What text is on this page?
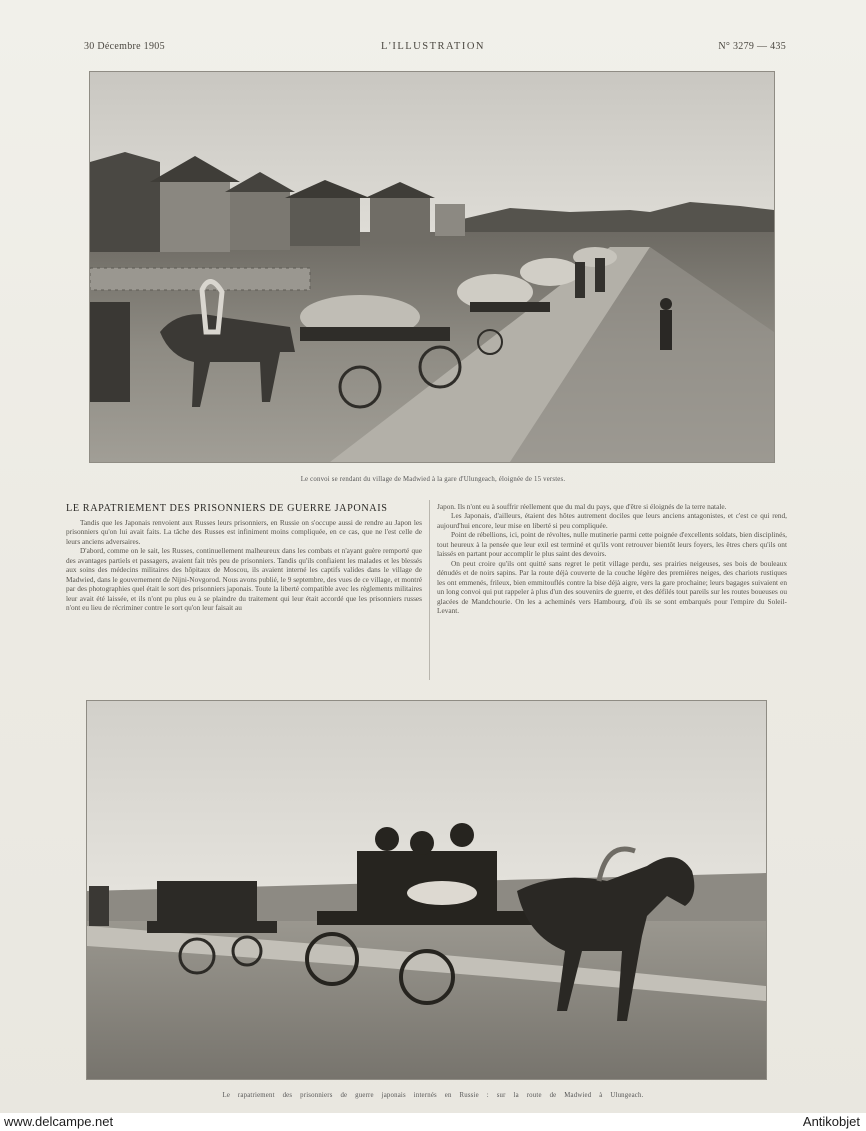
30 Décembre 1905	L'ILLUSTRATION	N° 3279 — 435
Le convoi se rendant du village de Madwied à la gare d'Ulungeach, éloignée de 15 verstes.
LE RAPATRIEMENT DES PRISONNIERS DE GUERRE JAPONAIS

Tandis que les Japonais renvoient aux Russes leurs prisonniers, en Russie on s'occupe aussi de rendre au Japon les prisonniers qu'on lui avait faits. La tâche des Russes est infiniment moins compliquée, en ce cas, que ne l'est celle de leurs anciens adversaires.

D'abord, comme on le sait, les Russes, continuellement malheureux dans les combats et n'ayant guère remporté que des avantages partiels et passagers, avaient fait très peu de prisonniers. Tandis qu'ils confiaient les malades et les blessés aux soins des médecins militaires des hôpitaux de Moscou, ils avaient interné les captifs valides dans le village de Madwied, dans le gouvernement de Nijni-Novgorod. Nous avons publié, le 9 septembre, des vues de ce village, et montré par des photographies quel était le sort des prisonniers japonais. Toute la liberté compatible avec les règlements militaires leur avait été laissée, et ils n'ont pu plus eu à se plaindre du traitement qui leur était accordé que les prisonniers russes n'ont eu lieu de récriminer contre le sort qu'on leur faisait au

Japon. Ils n'ont eu à souffrir réellement que du mal du pays, que d'être si éloignés de la terre natale.

Les Japonais, d'ailleurs, étaient des hôtes autrement dociles que leurs anciens antagonistes, et c'est ce qui rend, aujourd'hui encore, leur mise en liberté si peu compliquée.

Point de rébellions, ici, point de révoltes, nulle mutinerie parmi cette poignée d'excellents soldats, bien disciplinés, tout heureux à la pensée que leur exil est terminé et qu'ils vont retrouver bientôt leurs foyers, les êtres chers qu'ils ont laissés en partant pour accomplir le plus saint des devoirs.

On peut croire qu'ils ont quitté sans regret le petit village perdu, ses prairies neigeuses, ses bois de bouleaux dénudés et de noirs sapins. Par la route déjà couverte de la couche légère des premières neiges, des chariots rustiques les ont emmenés, frileux, bien emmitouflés contre la bise déjà aigre, vers la gare prochaine; leurs bagages suivaient en un long convoi qui put rappeler à plus d'un des souvenirs de guerre, et des défilés tout pareils sur les routes boueuses ou glacées de Mandchourie. On les a acheminés vers Hambourg, d'où ils se sont embarqués pour l'empire du Soleil-Levant.

Le rapatriement des prisonniers de guerre japonais internés en Russie : sur la route de Madwied à Ulungeach.
www.delcampe.net	Antikobjet
